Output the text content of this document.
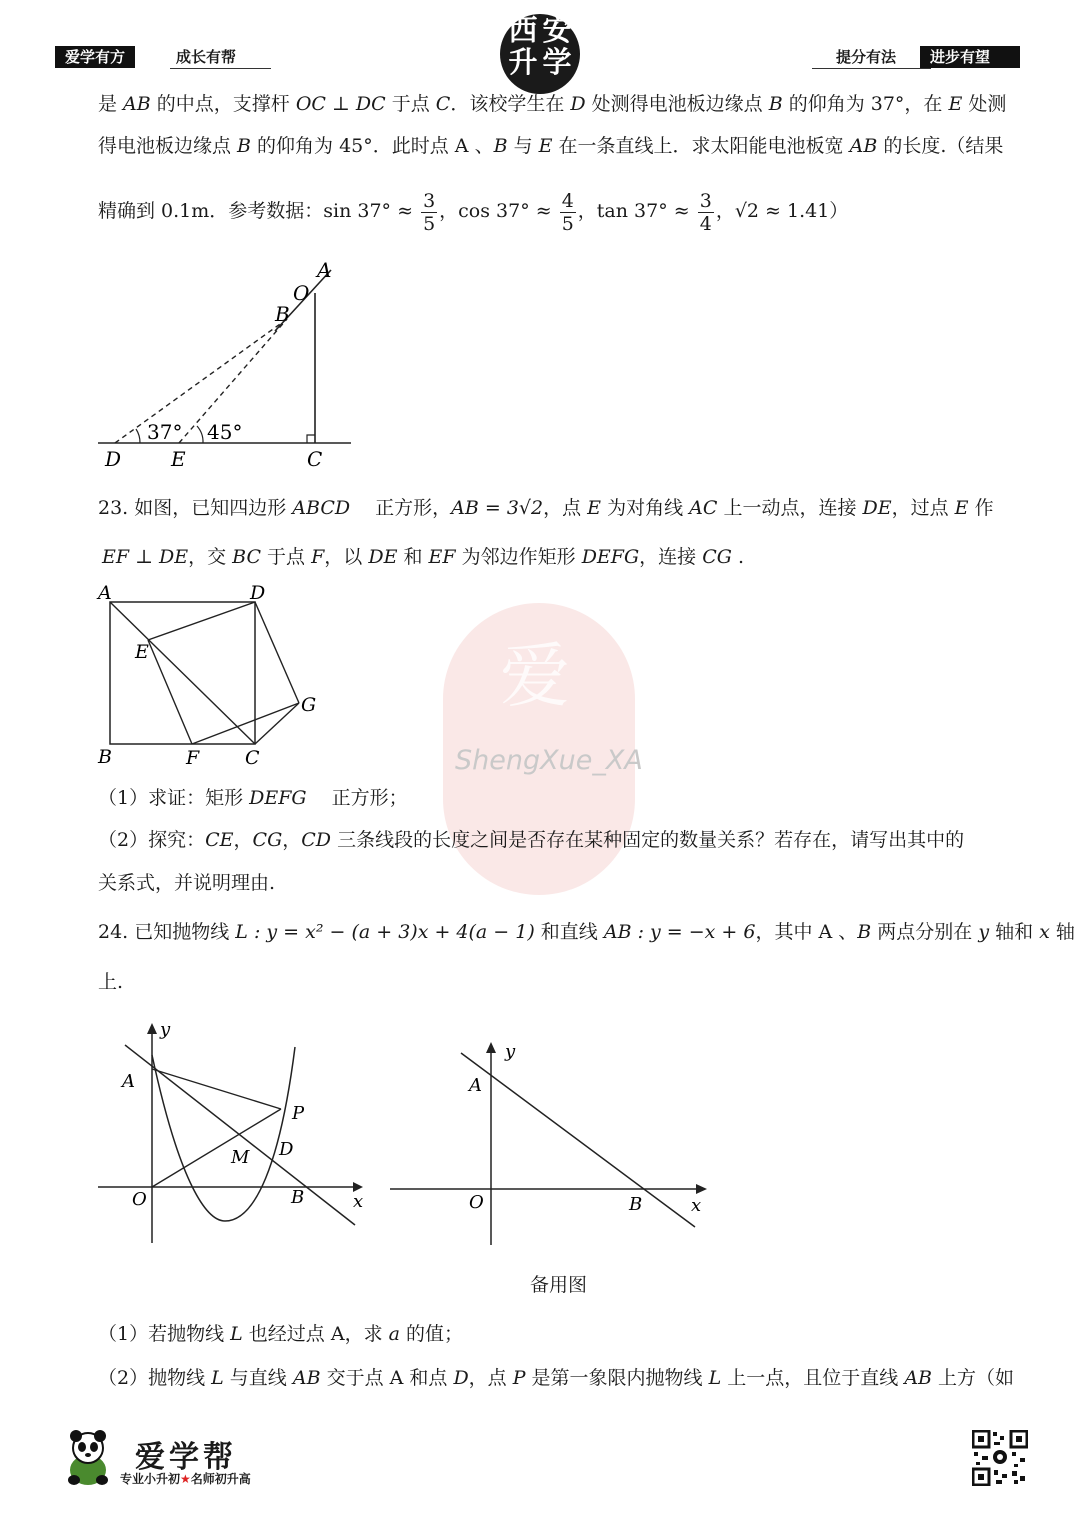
爱学有方	成长有帮
西 安
升 学	提分有法	进步有望
是 AB 的中点，支撑杆 OC ⊥ DC 于点 C．该校学生在 D 处测得电池板边缘点 B 的仰角为 37°，在 E 处测
得电池板边缘点 B 的仰角为 45°．此时点 A 、B 与 E 在一条直线上．求太阳能电池板宽 AB 的长度.（结果
精确到 0.1m．参考数据：$\sin 37^\circ \approx \frac{3}{5}$ ，$\cos 37^\circ \approx \frac{4}{5}$ ，$\tan 37^\circ \approx \frac{3}{4}$ ，√2 ≈ 1.41）
A
O
B
37° 45°
D E	C
23. 如图，已知四边形 ABCD　 正方形，AB = 3√2，点 E 为对角线 AC 上一动点，连接 DE，过点 E 作
EF ⊥ DE，交 BC 于点 F，以 DE 和 EF 为邻边作矩形 DEFG，连接 CG .
爱
ShengXue_XA
A	D
E
G
B	F C
（1）求证：矩形 DEFG　 正方形；
（2）探究：CE，CG，CD 三条线段的长度之间是否存在某种固定的数量关系？若存在，请写出其中的
关系式，并说明理由.
24. 已知抛物线 L : y = x² − (a + 3)x + 4(a − 1) 和直线 AB : y = −x + 6，其中 A 、B 两点分别在 y 轴和 x 轴
上.
y
A
P
M D
O	B	x
y
A
O	B	x
备用图
（1）若抛物线 L 也经过点 A，求 a 的值；
（2）抛物线 L 与直线 AB 交于点 A 和点 D，点 P 是第一象限内抛物线 L 上一点，且位于直线 AB 上方（如
爱学帮
专业小升初★名师初升高
